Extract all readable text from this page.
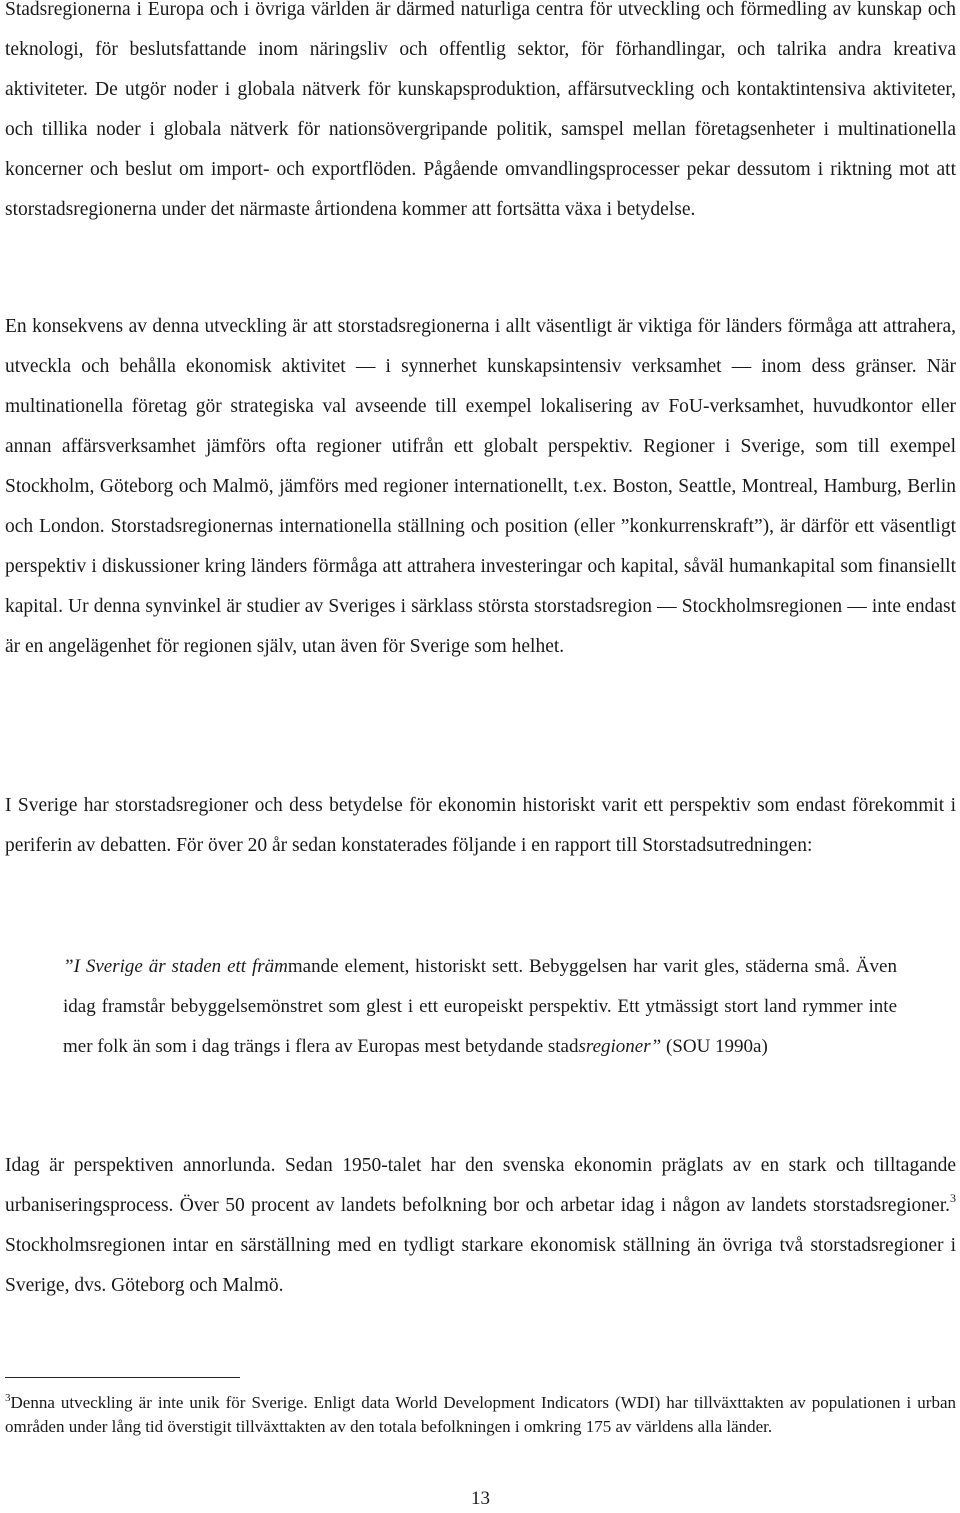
Stadsregionerna i Europa och i övriga världen är därmed naturliga centra för utveckling och förmedling av kunskap och teknologi, för beslutsfattande inom näringsliv och offentlig sektor, för förhandlingar, och talrika andra kreativa aktiviteter. De utgör noder i globala nätverk för kunskapsproduktion, affärsutveckling och kontaktintensiva aktiviteter, och tillika noder i globala nätverk för nationsövergripande politik, samspel mellan företagsenheter i multinationella koncerner och beslut om import- och exportflöden. Pågående omvandlingsprocesser pekar dessutom i riktning mot att storstadsregionerna under det närmaste årtiondena kommer att fortsätta växa i betydelse.

En konsekvens av denna utveckling är att storstadsregionerna i allt väsentligt är viktiga för länders förmåga att attrahera, utveckla och behålla ekonomisk aktivitet — i synnerhet kunskapsintensiv verksamhet — inom dess gränser. När multinationella företag gör strategiska val avseende till exempel lokalisering av FoU-verksamhet, huvudkontor eller annan affärsverksamhet jämförs ofta regioner utifrån ett globalt perspektiv. Regioner i Sverige, som till exempel Stockholm, Göteborg och Malmö, jämförs med regioner internationellt, t.ex. Boston, Seattle, Montreal, Hamburg, Berlin och London. Storstadsregionernas internationella ställning och position (eller ”konkurrenskraft”), är därför ett väsentligt perspektiv i diskussioner kring länders förmåga att attrahera investeringar och kapital, såväl humankapital som finansiellt kapital. Ur denna synvinkel är studier av Sveriges i särklass största storstadsregion — Stockholmsregionen — inte endast är en angelägenhet för regionen själv, utan även för Sverige som helhet.

I Sverige har storstadsregioner och dess betydelse för ekonomin historiskt varit ett perspektiv som endast förekommit i periferin av debatten. För över 20 år sedan konstaterades följande i en rapport till Storstadsutredningen:

”I Sverige är staden ett främmande element, historiskt sett. Bebyggelsen har varit gles, städerna små. Även idag framstår bebyggelsemönstret som glest i ett europeiskt perspektiv. Ett ytmässigt stort land rymmer inte mer folk än som i dag trängs i flera av Europas mest betydande stadsregioner” (SOU 1990a)

Idag är perspektiven annorlunda. Sedan 1950-talet har den svenska ekonomin präglats av en stark och tilltagande urbaniseringsprocess. Över 50 procent av landets befolkning bor och arbetar idag i någon av landets storstadsregioner.$^3$ Stockholmsregionen intar en särställning med en tydligt starkare ekonomisk ställning än övriga två storstadsregioner i Sverige, dvs. Göteborg och Malmö.

$^3$Denna utveckling är inte unik för Sverige. Enligt data World Development Indicators (WDI) har tillväxttakten av populationen i urban områden under lång tid överstigit tillväxttakten av den totala befolkningen i omkring 175 av världens alla länder.

13
